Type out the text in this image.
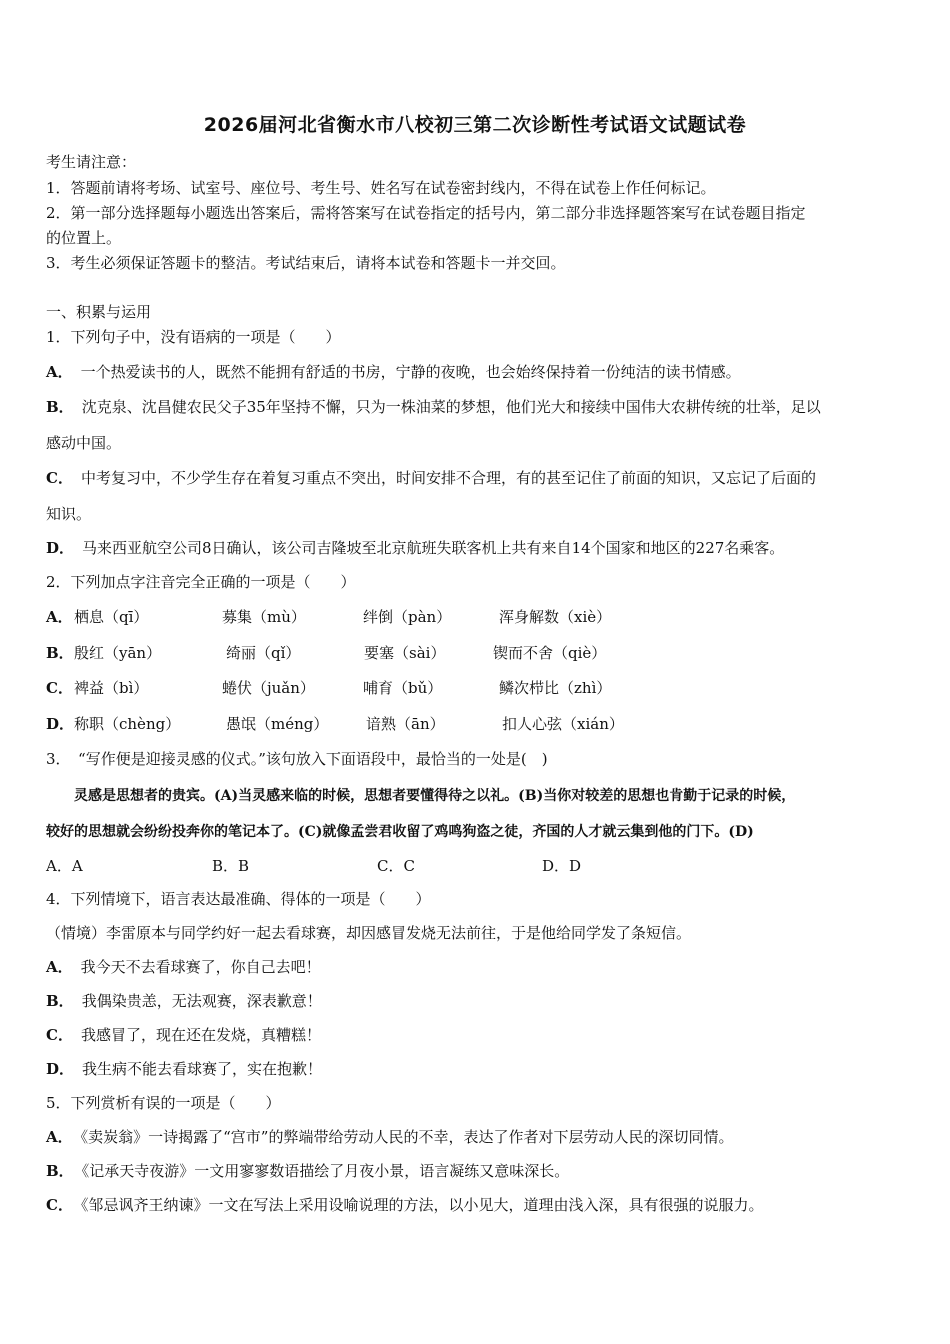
2026届河北省衡水市八校初三第二次诊断性考试语文试题试卷
考生请注意：
1．答题前请将考场、试室号、座位号、考生号、姓名写在试卷密封线内，不得在试卷上作任何标记。
2．第一部分选择题每小题选出答案后，需将答案写在试卷指定的括号内，第二部分非选择题答案写在试卷题目指定
的位置上。
3．考生必须保证答题卡的整洁。考试结束后，请将本试卷和答题卡一并交回。
一、积累与运用
1．下列句子中，没有语病的一项是（　　）
A． 一个热爱读书的人，既然不能拥有舒适的书房，宁静的夜晚，也会始终保持着一份纯洁的读书情感。
B． 沈克泉、沈昌健农民父子35年坚持不懈，只为一株油菜的梦想，他们光大和接续中国伟大农耕传统的壮举，足以
感动中国。
C． 中考复习中，不少学生存在着复习重点不突出，时间安排不合理，有的甚至记住了前面的知识，又忘记了后面的
知识。
D． 马来西亚航空公司8日确认，该公司吉隆坡至北京航班失联客机上共有来自14个国家和地区的227名乘客。
2．下列加点字注音完全正确的一项是（　　）
A． 栖息（qī）	募集（mù）	绊倒（pàn）	浑身解数（xiè）
B． 殷红（yān）	绮丽（qǐ）	要塞（sài）	锲而不舍（qiè）
C． 裨益（bì）	蜷伏（juǎn）	哺育（bǔ）	鳞次栉比（zhì）
D． 称职（chèng）	愚氓（méng）	谙熟（ān）	扣人心弦（xián）
3．　“写作便是迎接灵感的仪式。”该句放入下面语段中，最恰当的一处是(　)
　　灵感是思想者的贵宾。(A)当灵感来临的时候，思想者要懂得待之以礼。(B)当你对较差的思想也肯勤于记录的时候，
较好的思想就会纷纷投奔你的笔记本了。(C)就像孟尝君收留了鸡鸣狗盗之徒，齐国的人才就云集到他的门下。(D)
A．A	B．B	C．C	D．D
4．下列情境下，语言表达最准确、得体的一项是（　　）
（情境）李雷原本与同学约好一起去看球赛，却因感冒发烧无法前往，于是他给同学发了条短信。
A． 我今天不去看球赛了，你自己去吧！
B． 我偶染贵恙，无法观赛，深表歉意！
C． 我感冒了，现在还在发烧，真糟糕！
D． 我生病不能去看球赛了，实在抱歉！
5．下列赏析有误的一项是（　　）
A． 《卖炭翁》一诗揭露了“宫市”的弊端带给劳动人民的不幸，表达了作者对下层劳动人民的深切同情。
B． 《记承天寺夜游》一文用寥寥数语描绘了月夜小景，语言凝练又意味深长。
C． 《邹忌讽齐王纳谏》一文在写法上采用设喻说理的方法，以小见大，道理由浅入深，具有很强的说服力。
